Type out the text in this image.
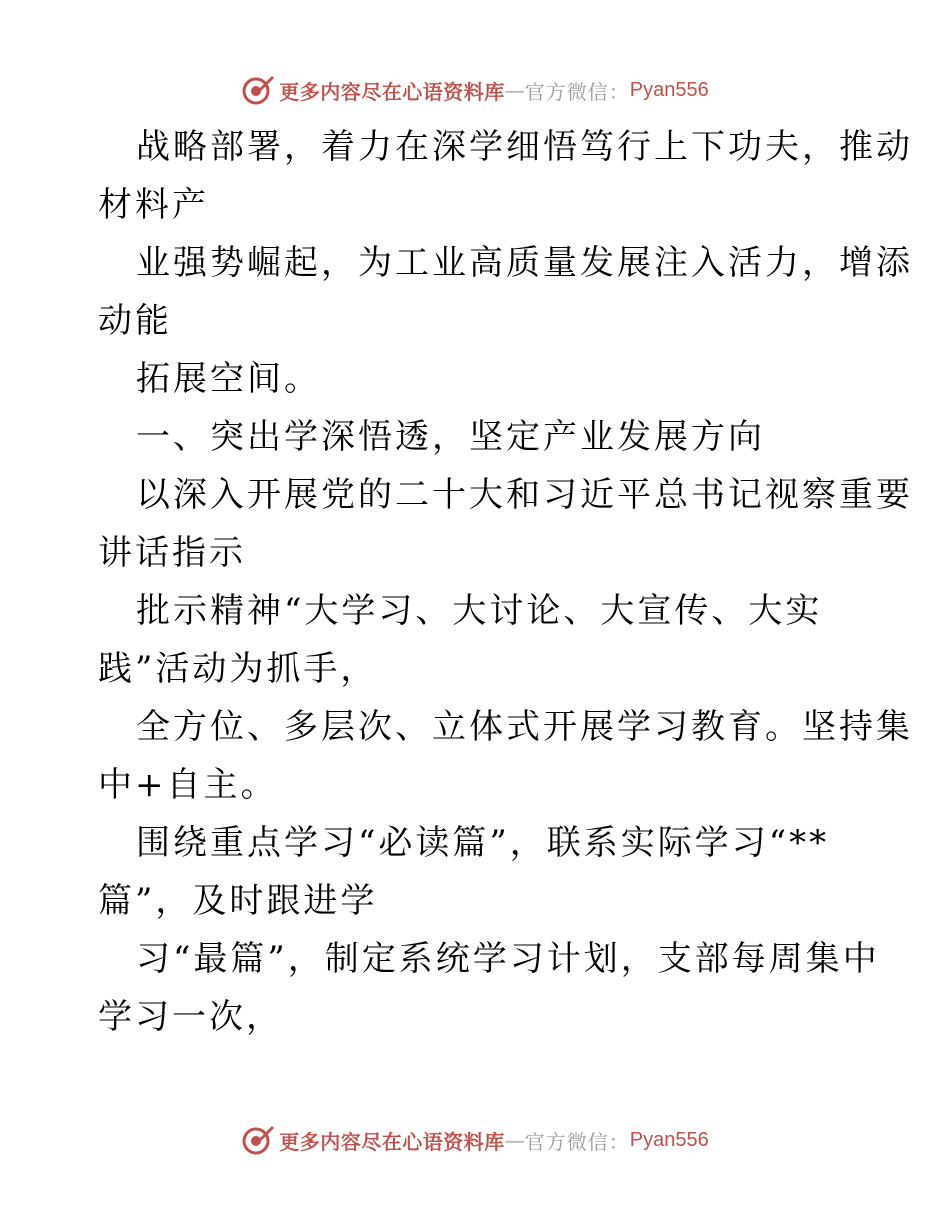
更多内容尽在心语资料库 — 官方微信： Pyan556
战略部署，着力在深学细悟笃行上下功夫，推动
材料产
业强势崛起，为工业高质量发展注入活力，增添
动能
拓展空间。
一、突出学深悟透，坚定产业发展方向
以深入开展党的二十大和习近平总书记视察重要
讲话指示
批示精神“大学习、大讨论、大宣传、大实
践”活动为抓手，
全方位、多层次、立体式开展学习教育。坚持集
中+自主。
围绕重点学习“必读篇”，联系实际学习“**
篇”，及时跟进学
习“最篇”，制定系统学习计划，支部每周集中
学习一次，
更多内容尽在心语资料库 — 官方微信： Pyan556
